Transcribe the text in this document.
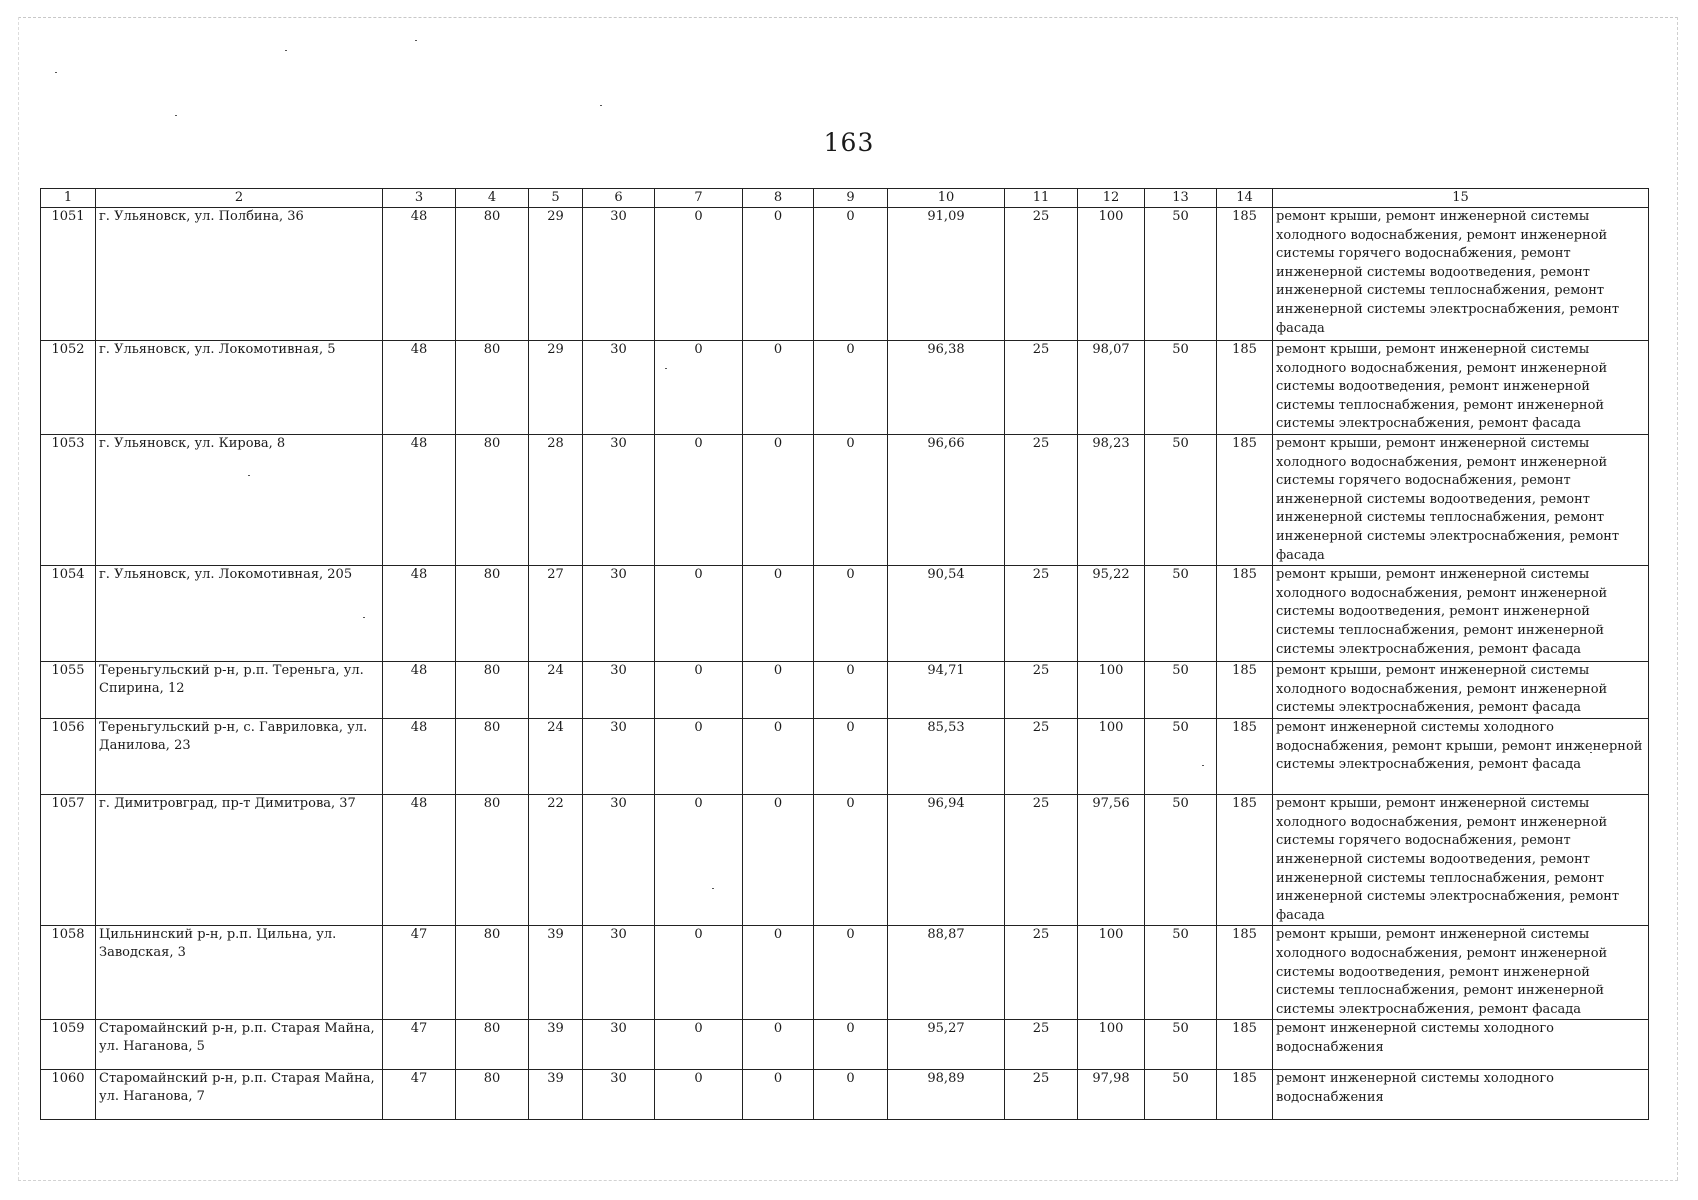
163
1	2	3	4	5	6	7	8	9	10	11	12	13	14	15
1051	г. Ульяновск, ул. Полбина, 36	48	80	29	30	0	0	0	91,09	25	100	50	185	ремонт крыши, ремонт инженерной системы холодного водоснабжения, ремонт инженерной системы горячего водоснабжения, ремонт инженерной системы водоотведения, ремонт инженерной системы теплоснабжения, ремонт инженерной системы электроснабжения, ремонт фасада
1052	г. Ульяновск, ул. Локомотивная, 5	48	80	29	30	0	0	0	96,38	25	98,07	50	185	ремонт крыши, ремонт инженерной системы холодного водоснабжения, ремонт инженерной системы водоотведения, ремонт инженерной системы теплоснабжения, ремонт инженерной системы электроснабжения, ремонт фасада
1053	г. Ульяновск, ул. Кирова, 8	48	80	28	30	0	0	0	96,66	25	98,23	50	185	ремонт крыши, ремонт инженерной системы холодного водоснабжения, ремонт инженерной системы горячего водоснабжения, ремонт инженерной системы водоотведения, ремонт инженерной системы теплоснабжения, ремонт инженерной системы электроснабжения, ремонт фасада
1054	г. Ульяновск, ул. Локомотивная, 205	48	80	27	30	0	0	0	90,54	25	95,22	50	185	ремонт крыши, ремонт инженерной системы холодного водоснабжения, ремонт инженерной системы водоотведения, ремонт инженерной системы теплоснабжения, ремонт инженерной системы электроснабжения, ремонт фасада
1055	Тереньгульский р-н, р.п. Тереньга, ул. Спирина, 12	48	80	24	30	0	0	0	94,71	25	100	50	185	ремонт крыши, ремонт инженерной системы холодного водоснабжения, ремонт инженерной системы электроснабжения, ремонт фасада
1056	Тереньгульский р-н, с. Гавриловка, ул. Данилова, 23	48	80	24	30	0	0	0	85,53	25	100	50	185	ремонт инженерной системы холодного водоснабжения, ремонт крыши, ремонт инженерной системы электроснабжения, ремонт фасада
1057	г. Димитровград, пр-т Димитрова, 37	48	80	22	30	0	0	0	96,94	25	97,56	50	185	ремонт крыши, ремонт инженерной системы холодного водоснабжения, ремонт инженерной системы горячего водоснабжения, ремонт инженерной системы водоотведения, ремонт инженерной системы теплоснабжения, ремонт инженерной системы электроснабжения, ремонт фасада
1058	Цильнинский р-н, р.п. Цильна, ул. Заводская, 3	47	80	39	30	0	0	0	88,87	25	100	50	185	ремонт крыши, ремонт инженерной системы холодного водоснабжения, ремонт инженерной системы водоотведения, ремонт инженерной системы теплоснабжения, ремонт инженерной системы электроснабжения, ремонт фасада
1059	Старомайнский р-н, р.п. Старая Майна, ул. Наганова, 5	47	80	39	30	0	0	0	95,27	25	100	50	185	ремонт инженерной системы холодного водоснабжения
1060	Старомайнский р-н, р.п. Старая Майна, ул. Наганова, 7	47	80	39	30	0	0	0	98,89	25	97,98	50	185	ремонт инженерной системы холодного водоснабжения
